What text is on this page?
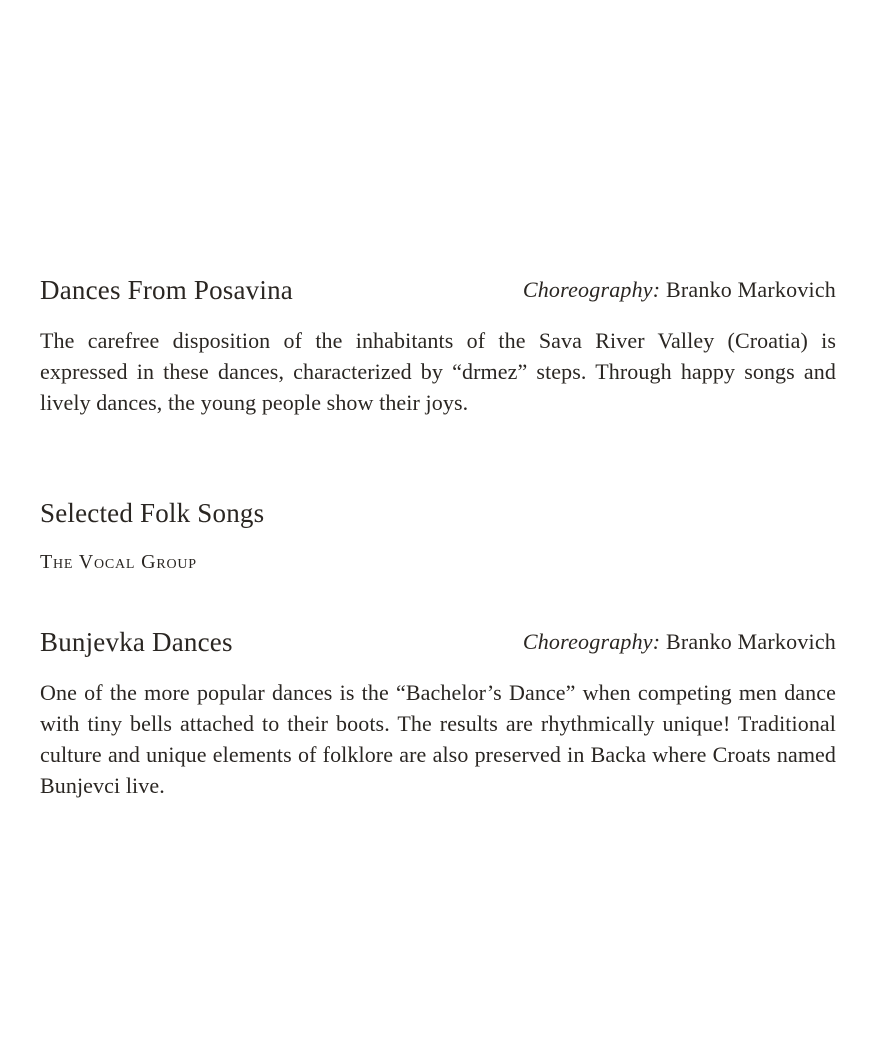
Dances From Posavina	Choreography: Branko Markovich

The carefree disposition of the inhabitants of the Sava River Valley (Croatia) is expressed in these dances, characterized by “drmez” steps. Through happy songs and lively dances, the young people show their joys.

Selected Folk Songs
The Vocal Group
Bunjevka Dances	Choreography: Branko Markovich

One of the more popular dances is the “Bachelor’s Dance” when competing men dance with tiny bells attached to their boots. The results are rhythmically unique! Traditional culture and unique elements of folklore are also preserved in Backa where Croats named Bunjevci live.
